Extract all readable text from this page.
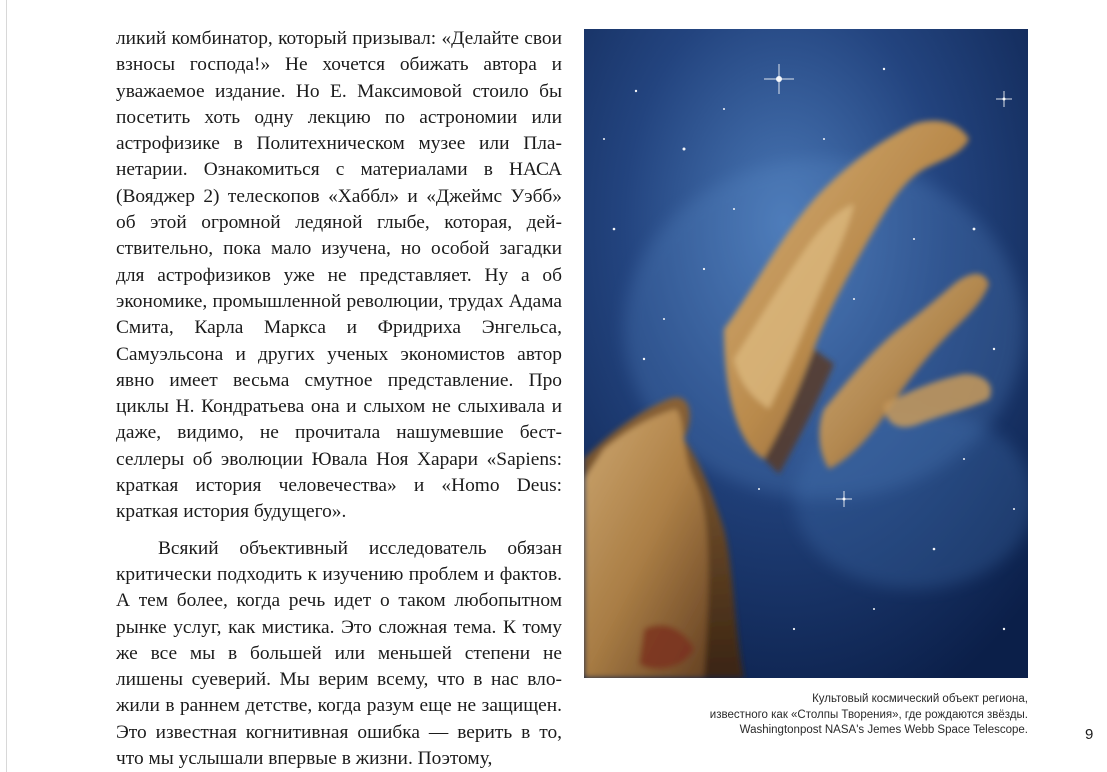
ликий комбинатор, который призывал: «Делайте свои взносы господа!» Не хочется обижать автора и уважаемое издание. Но Е. Максимовой стоило бы посетить хоть одну лекцию по астрономии или астрофизике в Политехническом музее или Планетарии. Ознакомиться с материалами в НАСА (Вояджер 2) телескопов «Хаббл» и «Джеймс Уэбб» об этой огромной ледяной глыбе, которая, действительно, пока мало изучена, но особой загадки для астрофизиков уже не представляет. Ну а об экономике, промышленной революции, трудах Адама Смита, Карла Маркса и Фридриха Энгельса, Самуэльсона и других ученых экономистов автор явно имеет весьма смутное представление. Про циклы Н. Кондратьева она и слыхом не слыхивала и даже, видимо, не прочитала нашумевшие бестселлеры об эволюции Ювала Ноя Харари «Sapiens: краткая история человечества» и «Homo Deus: краткая история будущего».

Всякий объективный исследователь обязан критически подходить к изучению проблем и фактов. А тем более, когда речь идет о таком любопытном рынке услуг, как мистика. Это сложная тема. К тому же все мы в большей или меньшей степени не лишены суеверий. Мы верим всему, что в нас вложили в раннем детстве, когда разум еще не защищен. Это известная когнитивная ошибка — верить в то, что мы услышали впервые в жизни. Поэтому,

Культовый космический объект региона,
известного как «Столпы Творения», где рождаются звёзды.
Washingtonpost NASA's Jemes Webb Space Telescope.	9
